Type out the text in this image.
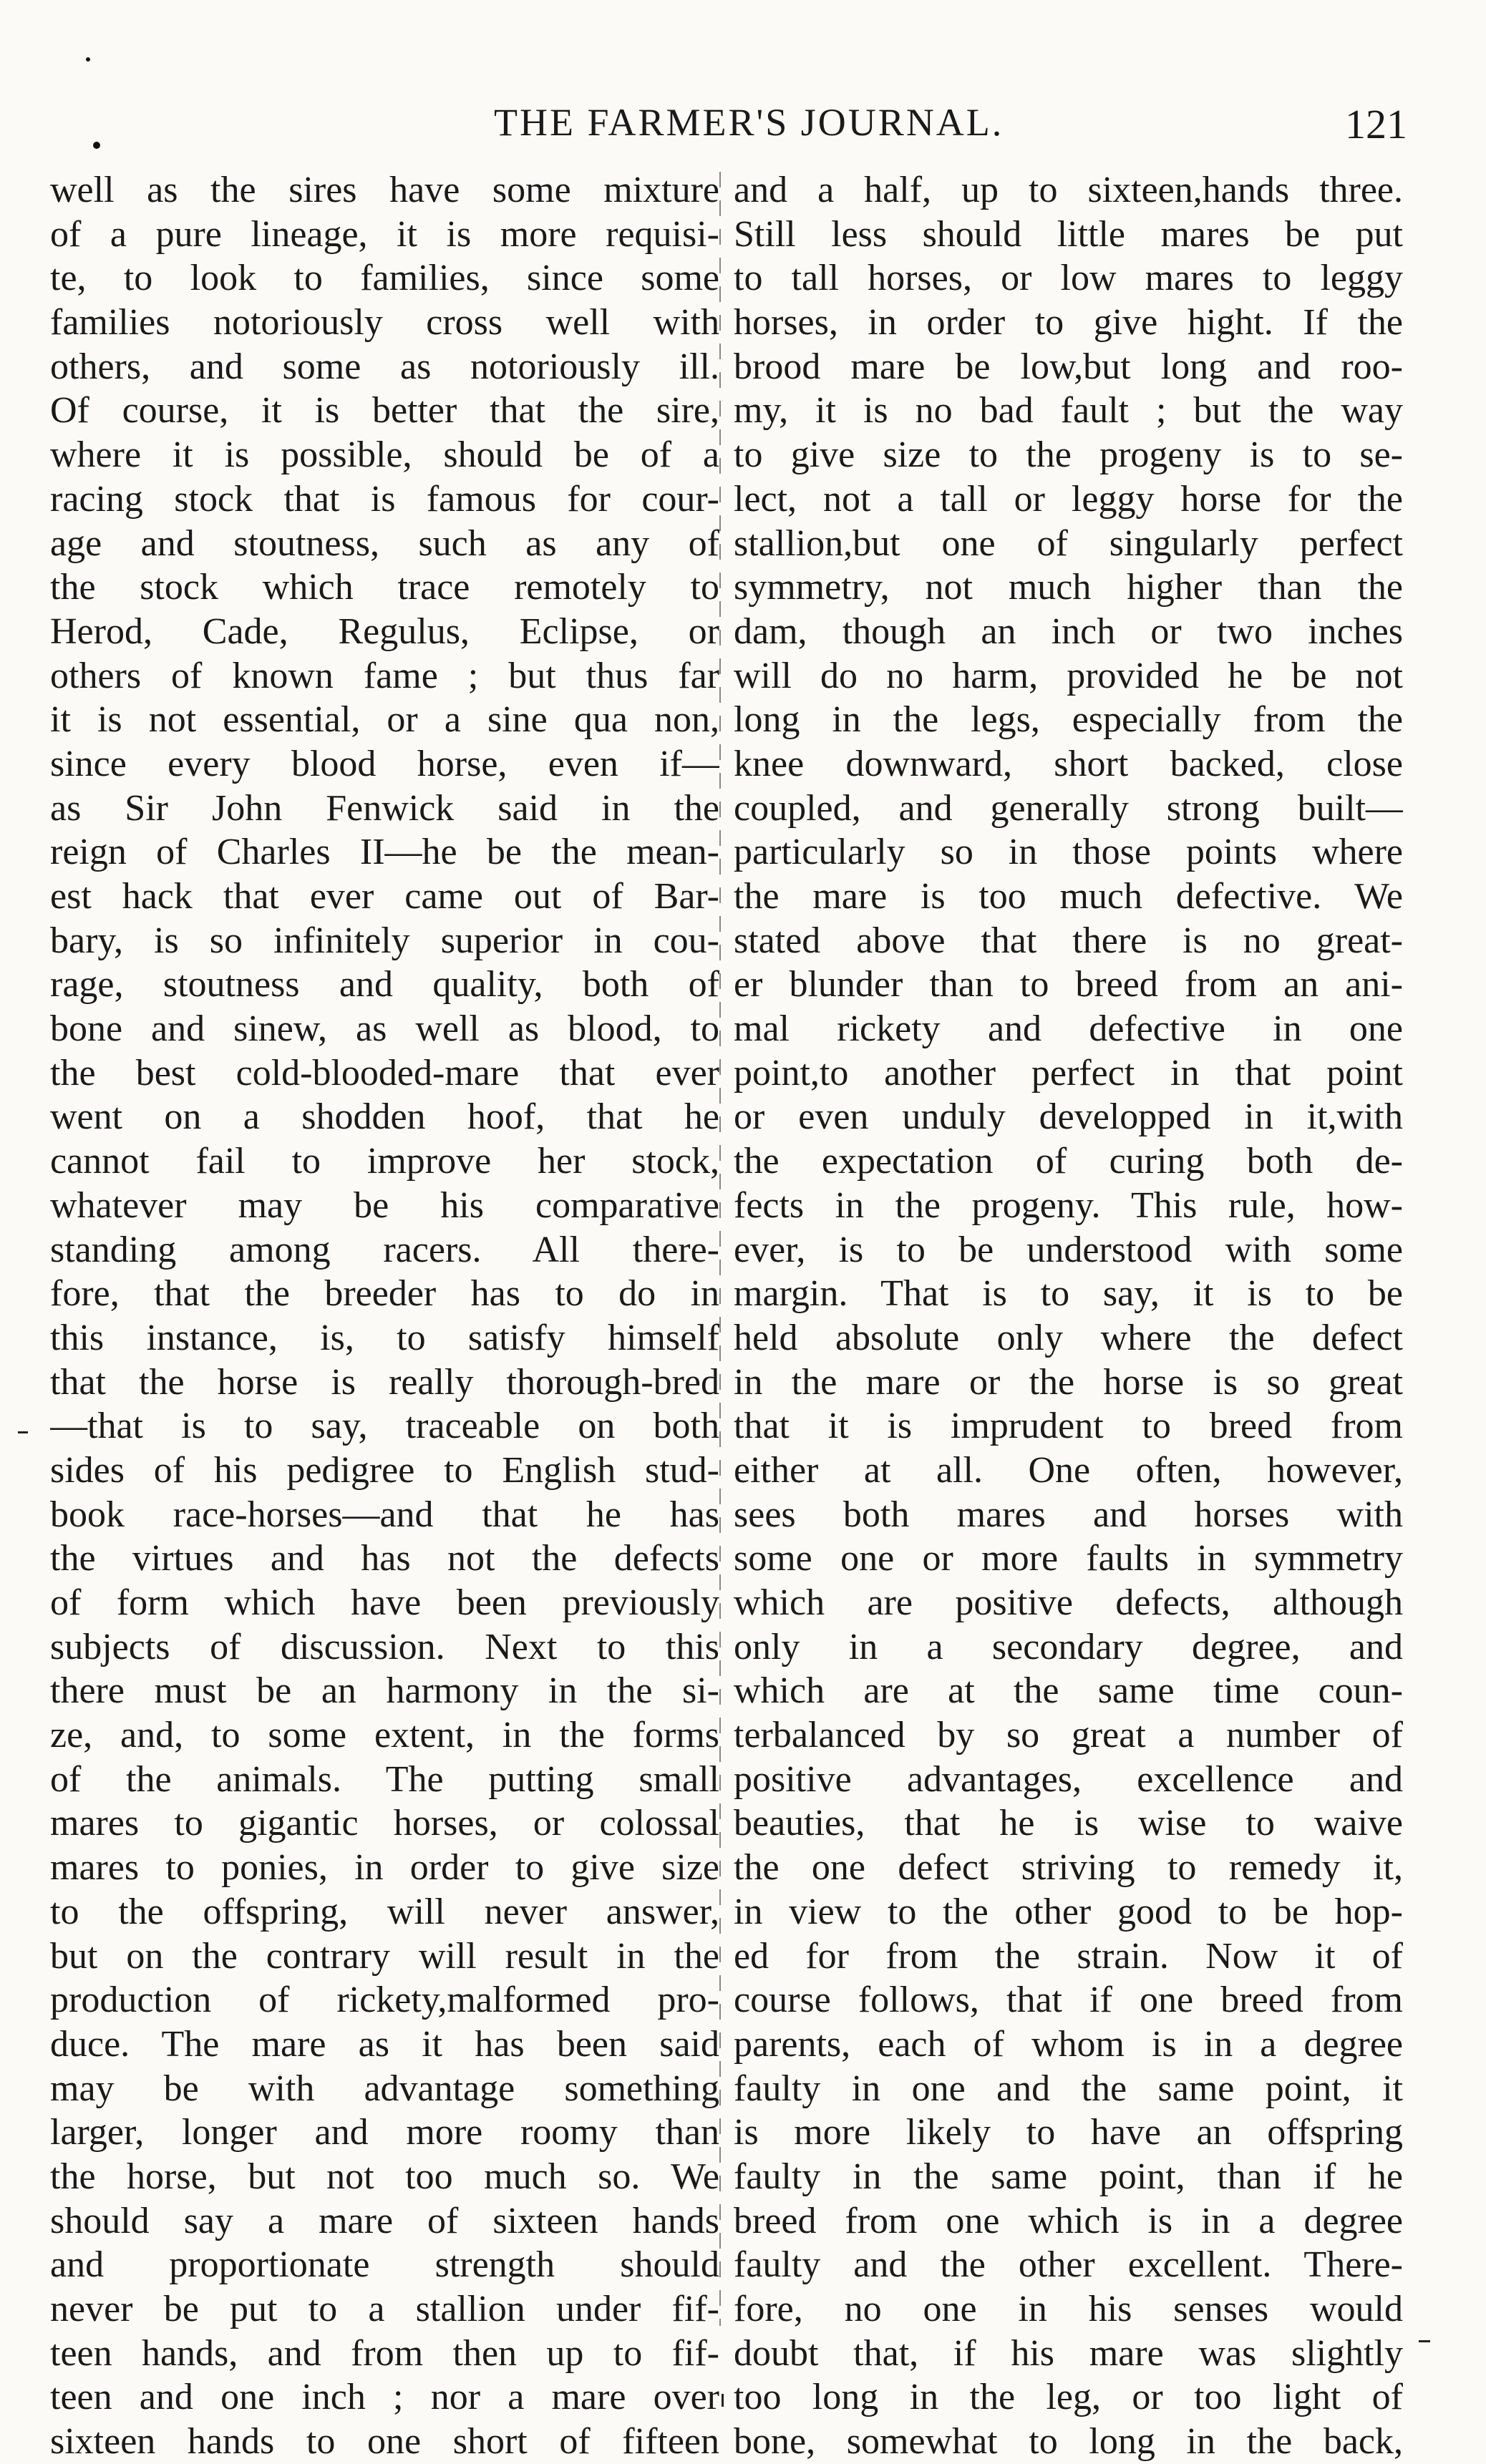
THE FARMER'S JOURNAL.	121
well as the sires have some mixture
of a pure lineage, it is more requisi-
te, to look to families, since some
families notoriously cross well with
others, and some as notoriously ill.
Of course, it is better that the sire,
where it is possible, should be of a
racing stock that is famous for cour-
age and stoutness, such as any of
the stock which trace remotely to
Herod, Cade, Regulus, Eclipse, or
others of known fame ; but thus far
it is not essential, or a sine qua non,
since every blood horse, even if—
as Sir John Fenwick said in the
reign of Charles II—he be the mean-
est hack that ever came out of Bar-
bary, is so infinitely superior in cou-
rage, stoutness and quality, both of
bone and sinew, as well as blood, to
the best cold-blooded-mare that ever
went on a shodden hoof, that he
cannot fail to improve her stock,
whatever may be his comparative
standing among racers. All there-
fore, that the breeder has to do in
this instance, is, to satisfy himself
that the horse is really thorough-bred
—that is to say, traceable on both
sides of his pedigree to English stud-
book race-horses—and that he has
the virtues and has not the defects
of form which have been previously
subjects of discussion. Next to this
there must be an harmony in the si-
ze, and, to some extent, in the forms
of the animals. The putting small
mares to gigantic horses, or colossal
mares to ponies, in order to give size
to the offspring, will never answer,
but on the contrary will result in the
production of rickety,malformed pro-
duce. The mare as it has been said
may be with advantage something
larger, longer and more roomy than
the horse, but not too much so. We
should say a mare of sixteen hands
and proportionate strength should
never be put to a stallion under fif-
teen hands, and from then up to fif-
teen and one inch ; nor a mare over
sixteen hands to one short of fifteen
and a half, up to sixteen,hands three.
Still less should little mares be put
to tall horses, or low mares to leggy
horses, in order to give hight. If the
brood mare be low,but long and roo-
my, it is no bad fault ; but the way
to give size to the progeny is to se-
lect, not a tall or leggy horse for the
stallion,but one of singularly perfect
symmetry, not much higher than the
dam, though an inch or two inches
will do no harm, provided he be not
long in the legs, especially from the
knee downward, short backed, close
coupled, and generally strong built—
particularly so in those points where
the mare is too much defective. We
stated above that there is no great-
er blunder than to breed from an ani-
mal rickety and defective in one
point,to another perfect in that point
or even unduly developped in it,with
the expectation of curing both de-
fects in the progeny. This rule, how-
ever, is to be understood with some
margin. That is to say, it is to be
held absolute only where the defect
in the mare or the horse is so great
that it is imprudent to breed from
either at all. One often, however,
sees both mares and horses with
some one or more faults in symmetry
which are positive defects, although
only in a secondary degree, and
which are at the same time coun-
terbalanced by so great a number of
positive advantages, excellence and
beauties, that he is wise to waive
the one defect striving to remedy it,
in view to the other good to be hop-
ed for from the strain. Now it of
course follows, that if one breed from
parents, each of whom is in a degree
faulty in one and the same point, it
is more likely to have an offspring
faulty in the same point, than if he
breed from one which is in a degree
faulty and the other excellent. There-
fore, no one in his senses would
doubt that, if his mare was slightly
too long in the leg, or too light of
bone, somewhat to long in the back,
